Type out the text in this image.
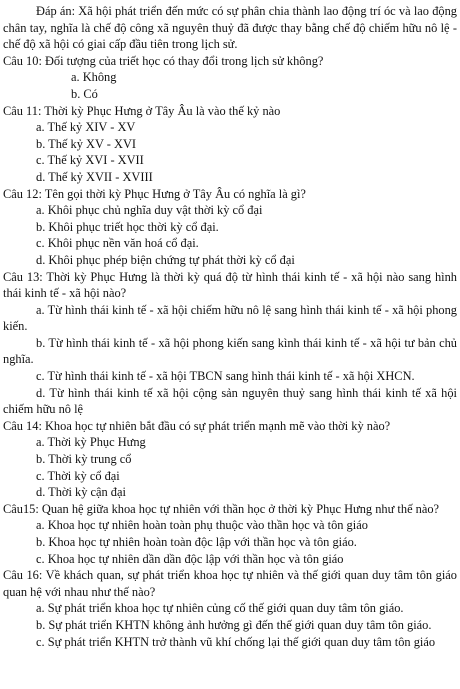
Đáp án: Xã hội phát triển đến mức có sự phân chia thành lao động trí óc và lao động chân tay, nghĩa là chế độ công xã nguyên thuỷ đã được thay bằng chế độ chiếm hữu nô lệ - chế độ xã hội có giai cấp đầu tiên trong lịch sử.

Câu 10: Đối tượng của triết học có thay đổi trong lịch sử không?

a. Không

b. Có

Câu 11: Thời kỳ Phục Hưng ở Tây Âu là vào thế kỷ nào

a. Thế kỷ XIV - XV

b. Thế kỷ XV - XVI

c. Thế kỷ XVI - XVII

d. Thế kỷ XVII - XVIII

Câu 12: Tên gọi thời kỳ Phục Hưng ở Tây Âu có nghĩa là gì?

a. Khôi phục chủ nghĩa duy vật thời kỳ cổ đại

b. Khôi phục triết học thời kỳ cổ đại.

c. Khôi phục nền văn hoá cổ đại.

d. Khôi phục phép biện chứng tự phát thời kỳ cổ đại

Câu 13: Thời kỳ Phục Hưng là thời kỳ quá độ từ hình thái kinh tế - xã hội nào sang hình thái kinh tế - xã hội nào?

a. Từ hình thái kinh tế - xã hội chiếm hữu nô lệ sang hình thái kinh tế - xã hội phong kiến.

b. Từ hình thái kinh tế - xã hội phong kiến sang kình thái kinh tế - xã hội tư bản chủ nghĩa.

c. Từ hình thái kinh tế - xã hội TBCN sang hình thái kinh tế - xã hội XHCN.

d. Từ hình thái kinh tế xã hội cộng sản nguyên thuỷ sang hình thái kinh tế xã hội chiếm hữu nô lệ

Câu 14: Khoa học tự nhiên bắt đầu có sự phát triển mạnh mẽ vào thời kỳ nào?

a. Thời kỳ Phục Hưng

b. Thời kỳ trung cổ

c. Thời kỳ cổ đại

d. Thời kỳ cận đại

Câu15: Quan hệ giữa khoa học tự nhiên với thần học ở thời kỳ Phục Hưng như thế nào?

a. Khoa học tự nhiên hoàn toàn phụ thuộc vào thần học và tôn giáo

b. Khoa học tự nhiên hoàn toàn độc lập với thần học và tôn giáo.

c. Khoa học tự nhiên dần dần độc lập với thần học và tôn giáo

Câu 16: Về khách quan, sự phát triển khoa học tự nhiên và thế giới quan duy tâm tôn giáo quan hệ với nhau như thế nào?

a. Sự phát triển khoa học tự nhiên củng cố thế giới quan duy tâm tôn giáo.

b. Sự phát triển KHTN không ảnh hưởng gì đến thế giới quan duy tâm tôn giáo.

c. Sự phát triển KHTN trở thành vũ khí chống lại thế giới quan duy tâm tôn giáo
